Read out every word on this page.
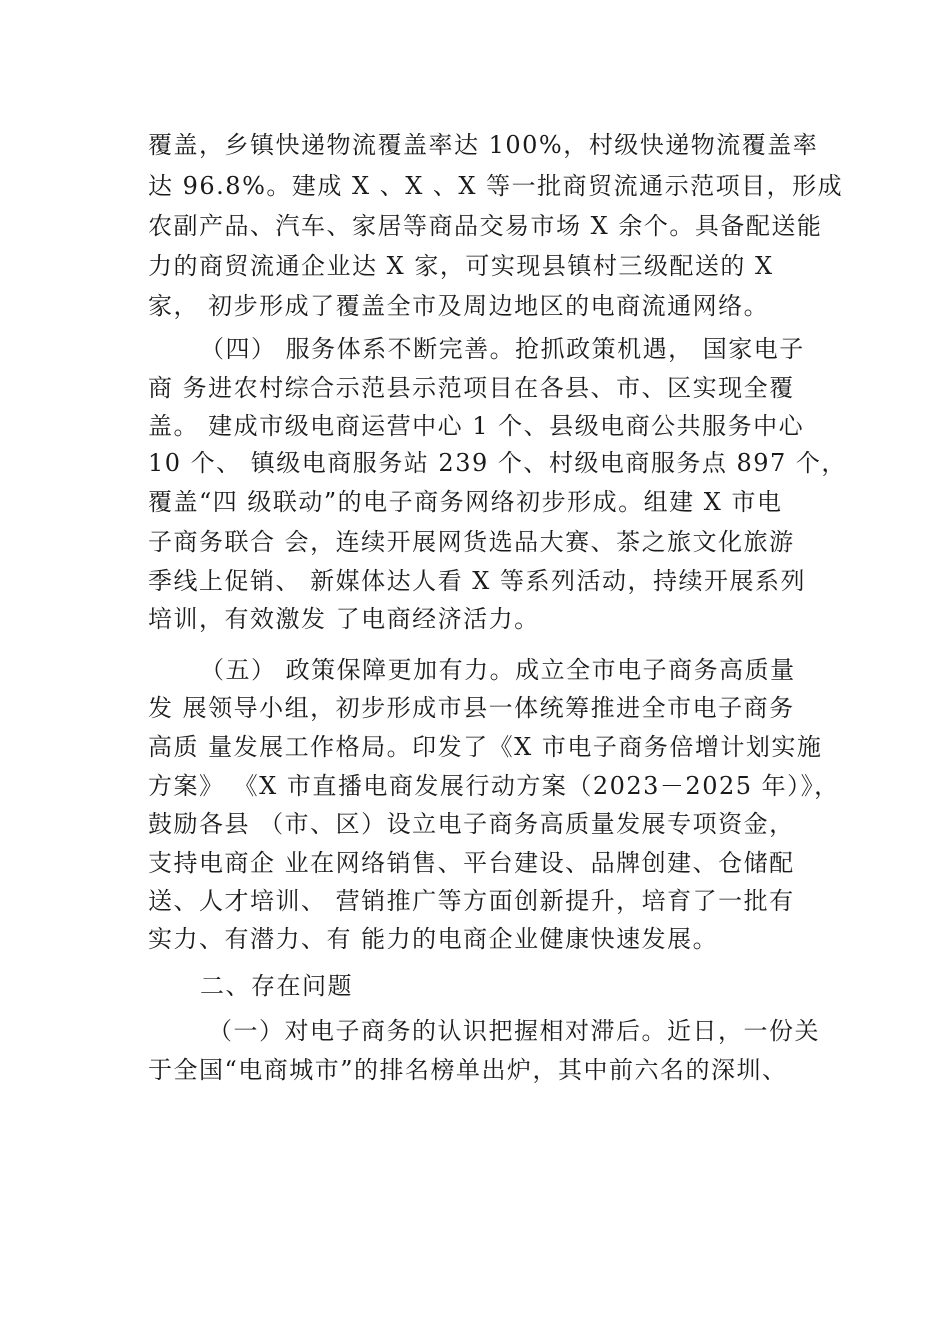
覆盖，乡镇快递物流覆盖率达 100%，村级快递物流覆盖率
达 96.8%。建成 X 、X 、X 等一批商贸流通示范项目，形成
农副产品、汽车、家居等商品交易市场 X 余个。具备配送能
力的商贸流通企业达 X 家，可实现县镇村三级配送的 X
家， 初步形成了覆盖全市及周边地区的电商流通网络。
（四） 服务体系不断完善。抢抓政策机遇， 国家电子
商 务进农村综合示范县示范项目在各县、市、区实现全覆
盖。 建成市级电商运营中心 1 个、县级电商公共服务中心
10 个、 镇级电商服务站 239 个、村级电商服务点 897 个，
覆盖“四 级联动”的电子商务网络初步形成。组建 X 市电
子商务联合 会，连续开展网货选品大赛、茶之旅文化旅游
季线上促销、 新媒体达人看 X 等系列活动，持续开展系列
培训，有效激发 了电商经济活力。
（五） 政策保障更加有力。成立全市电子商务高质量
发 展领导小组，初步形成市县一体统筹推进全市电子商务
高质 量发展工作格局。印发了《X 市电子商务倍增计划实施
方案》 《X 市直播电商发展行动方案（2023－2025 年）》，
鼓励各县 （市、区）设立电子商务高质量发展专项资金，
支持电商企 业在网络销售、平台建设、品牌创建、仓储配
送、人才培训、 营销推广等方面创新提升，培育了一批有
实力、有潜力、有 能力的电商企业健康快速发展。
二、存在问题
（一）对电子商务的认识把握相对滞后。近日，一份关
于全国“电商城市”的排名榜单出炉，其中前六名的深圳、
